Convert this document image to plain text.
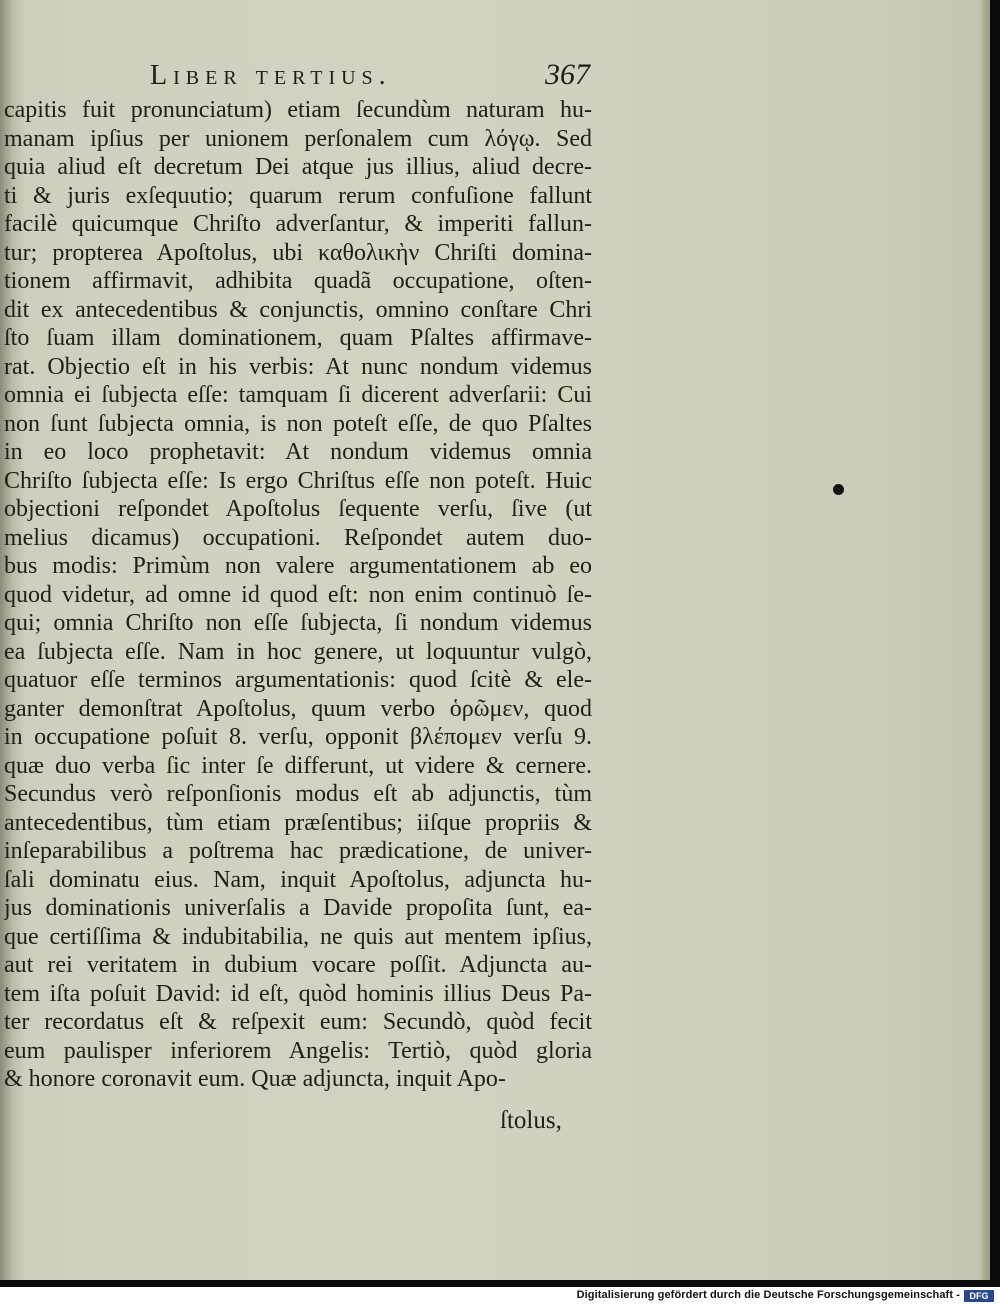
Liber tertius.	367
capitis fuit pronunciatum) etiam ſecundùm naturam hu-
manam ipſius per unionem perſonalem cum λόγῳ. Sed
quia aliud eſt decretum Dei atque jus illius, aliud decre-
ti & juris exſequutio; quarum rerum confuſione fallunt
facilè quicumque Chriſto adverſantur, & imperiti fallun-
tur; propterea Apoſtolus, ubi καθολικὴν Chriſti domina-
tionem affirmavit, adhibita quadã occupatione, oſten-
dit ex antecedentibus & conjunctis, omnino conſtare Chri
ſto ſuam illam dominationem, quam Pſaltes affirmave-
rat. Objectio eſt in his verbis: At nunc nondum videmus
omnia ei ſubjecta eſſe: tamquam ſi dicerent adverſarii: Cui
non ſunt ſubjecta omnia, is non poteſt eſſe, de quo Pſaltes
in eo loco prophetavit: At nondum videmus omnia
Chriſto ſubjecta eſſe: Is ergo Chriſtus eſſe non poteſt. Huic
objectioni reſpondet Apoſtolus ſequente verſu, ſive (ut
melius dicamus) occupationi. Reſpondet autem duo-
bus modis: Primùm non valere argumentationem ab eo
quod videtur, ad omne id quod eſt: non enim continuò ſe-
qui; omnia Chriſto non eſſe ſubjecta, ſi nondum videmus
ea ſubjecta eſſe. Nam in hoc genere, ut loquuntur vulgò,
quatuor eſſe terminos argumentationis: quod ſcitè & ele-
ganter demonſtrat Apoſtolus, quum verbo ὁρῶμεν, quod
in occupatione poſuit 8. verſu, opponit βλέπομεν verſu 9.
quæ duo verba ſic inter ſe differunt, ut videre & cernere.
Secundus verò reſponſionis modus eſt ab adjunctis, tùm
antecedentibus, tùm etiam præſentibus; iiſque propriis &
inſeparabilibus a poſtrema hac prædicatione, de univer-
ſali dominatu eius. Nam, inquit Apoſtolus, adjuncta hu-
jus dominationis univerſalis a Davide propoſita ſunt, ea-
que certiſſima & indubitabilia, ne quis aut mentem ipſius,
aut rei veritatem in dubium vocare poſſit. Adjuncta au-
tem iſta poſuit David: id eſt, quòd hominis illius Deus Pa-
ter recordatus eſt & reſpexit eum: Secundò, quòd fecit
eum paulisper inferiorem Angelis: Tertiò, quòd gloria
& honore coronavit eum. Quæ adjuncta, inquit Apo-
ſtolus,
Digitalisierung gefördert durch die Deutsche Forschungsgemeinschaft -	DFG
